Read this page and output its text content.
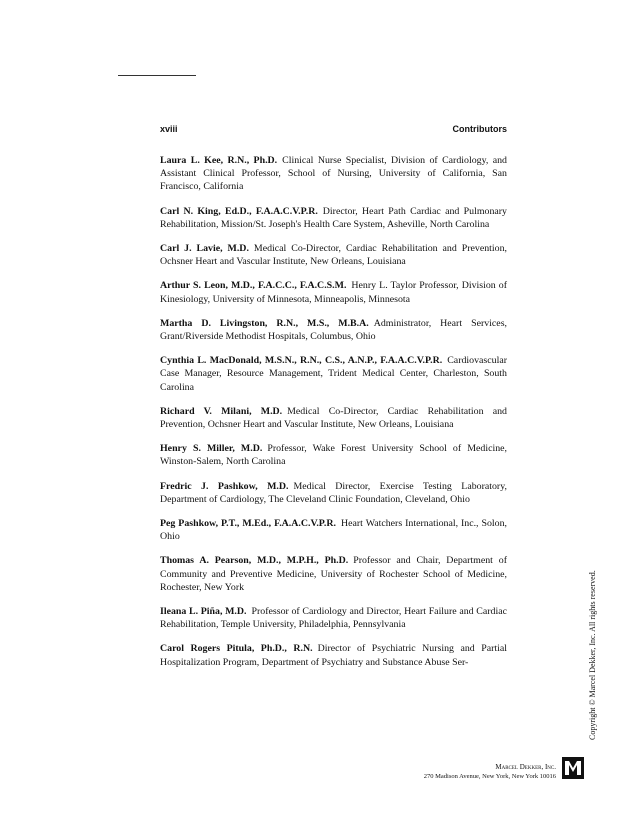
xviii	Contributors

Laura L. Kee, R.N., Ph.D. Clinical Nurse Specialist, Division of Cardiology, and Assistant Clinical Professor, School of Nursing, University of California, San Francisco, California

Carl N. King, Ed.D., F.A.A.C.V.P.R. Director, Heart Path Cardiac and Pulmonary Rehabilitation, Mission/St. Joseph's Health Care System, Asheville, North Carolina

Carl J. Lavie, M.D. Medical Co-Director, Cardiac Rehabilitation and Prevention, Ochsner Heart and Vascular Institute, New Orleans, Louisiana

Arthur S. Leon, M.D., F.A.C.C., F.A.C.S.M. Henry L. Taylor Professor, Division of Kinesiology, University of Minnesota, Minneapolis, Minnesota

Martha D. Livingston, R.N., M.S., M.B.A. Administrator, Heart Services, Grant/Riverside Methodist Hospitals, Columbus, Ohio

Cynthia L. MacDonald, M.S.N., R.N., C.S., A.N.P., F.A.A.C.V.P.R. Cardiovascular Case Manager, Resource Management, Trident Medical Center, Charleston, South Carolina

Richard V. Milani, M.D. Medical Co-Director, Cardiac Rehabilitation and Prevention, Ochsner Heart and Vascular Institute, New Orleans, Louisiana

Henry S. Miller, M.D. Professor, Wake Forest University School of Medicine, Winston-Salem, North Carolina

Fredric J. Pashkow, M.D. Medical Director, Exercise Testing Laboratory, Department of Cardiology, The Cleveland Clinic Foundation, Cleveland, Ohio

Peg Pashkow, P.T., M.Ed., F.A.A.C.V.P.R. Heart Watchers International, Inc., Solon, Ohio

Thomas A. Pearson, M.D., M.P.H., Ph.D. Professor and Chair, Department of Community and Preventive Medicine, University of Rochester School of Medicine, Rochester, New York

Ileana L. Piña, M.D. Professor of Cardiology and Director, Heart Failure and Cardiac Rehabilitation, Temple University, Philadelphia, Pennsylvania

Carol Rogers Pitula, Ph.D., R.N. Director of Psychiatric Nursing and Partial Hospitalization Program, Department of Psychiatry and Substance Abuse Ser-	Copyright © Marcel Dekker, Inc. All rights reserved.
Marcel Dekker, Inc.
270 Madison Avenue, New York, New York 10016
